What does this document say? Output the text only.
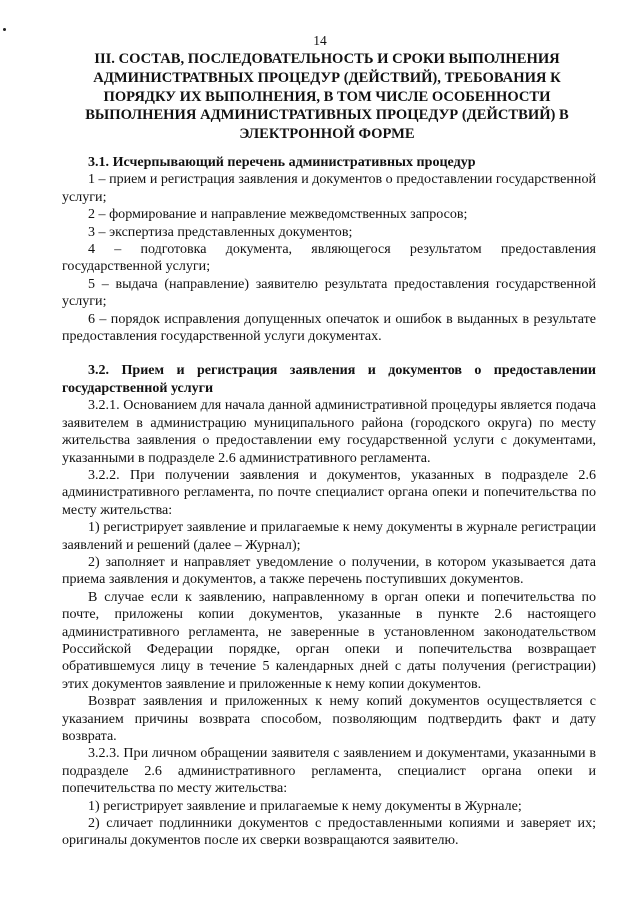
14
III. СОСТАВ, ПОСЛЕДОВАТЕЛЬНОСТЬ И СРОКИ ВЫПОЛНЕНИЯ АДМИНИСТРАТВНЫХ ПРОЦЕДУР (ДЕЙСТВИЙ), ТРЕБОВАНИЯ К ПОРЯДКУ ИХ ВЫПОЛНЕНИЯ, В ТОМ ЧИСЛЕ ОСОБЕННОСТИ ВЫПОЛНЕНИЯ АДМИНИСТРАТИВНЫХ ПРОЦЕДУР (ДЕЙСТВИЙ) В ЭЛЕКТРОННОЙ ФОРМЕ

3.1. Исчерпывающий перечень административных процедур

1 – прием и регистрация заявления и документов о предоставлении государственной услуги;

2 – формирование и направление межведомственных запросов;

3 – экспертиза представленных документов;

4 – подготовка документа, являющегося результатом предоставления государственной услуги;

5 – выдача (направление) заявителю результата предоставления государственной услуги;

6 – порядок исправления допущенных опечаток и ошибок в выданных в результате предоставления государственной услуги документах.

3.2. Прием и регистрация заявления и документов о предоставлении государственной услуги

3.2.1. Основанием для начала данной административной процедуры является подача заявителем в администрацию муниципального района (городского округа) по месту жительства заявления о предоставлении ему государственной услуги с документами, указанными в подразделе 2.6 административного регламента.

3.2.2. При получении заявления и документов, указанных в подразделе 2.6 административного регламента, по почте специалист органа опеки и попечительства по месту жительства:

1) регистрирует заявление и прилагаемые к нему документы в журнале регистрации заявлений и решений (далее – Журнал);

2) заполняет и направляет уведомление о получении, в котором указывается дата приема заявления и документов, а также перечень поступивших документов.

В случае если к заявлению, направленному в орган опеки и попечительства по почте, приложены копии документов, указанные в пункте 2.6 настоящего административного регламента, не заверенные в установленном законодательством Российской Федерации порядке, орган опеки и попечительства возвращает обратившемуся лицу в течение 5 календарных дней с даты получения (регистрации) этих документов заявление и приложенные к нему копии документов.

Возврат заявления и приложенных к нему копий документов осуществляется с указанием причины возврата способом, позволяющим подтвердить факт и дату возврата.

3.2.3. При личном обращении заявителя с заявлением и документами, указанными в подразделе 2.6 административного регламента, специалист органа опеки и попечительства по месту жительства:

1) регистрирует заявление и прилагаемые к нему документы в Журнале;

2) сличает подлинники документов с предоставленными копиями и заверяет их; оригиналы документов после их сверки возвращаются заявителю.
